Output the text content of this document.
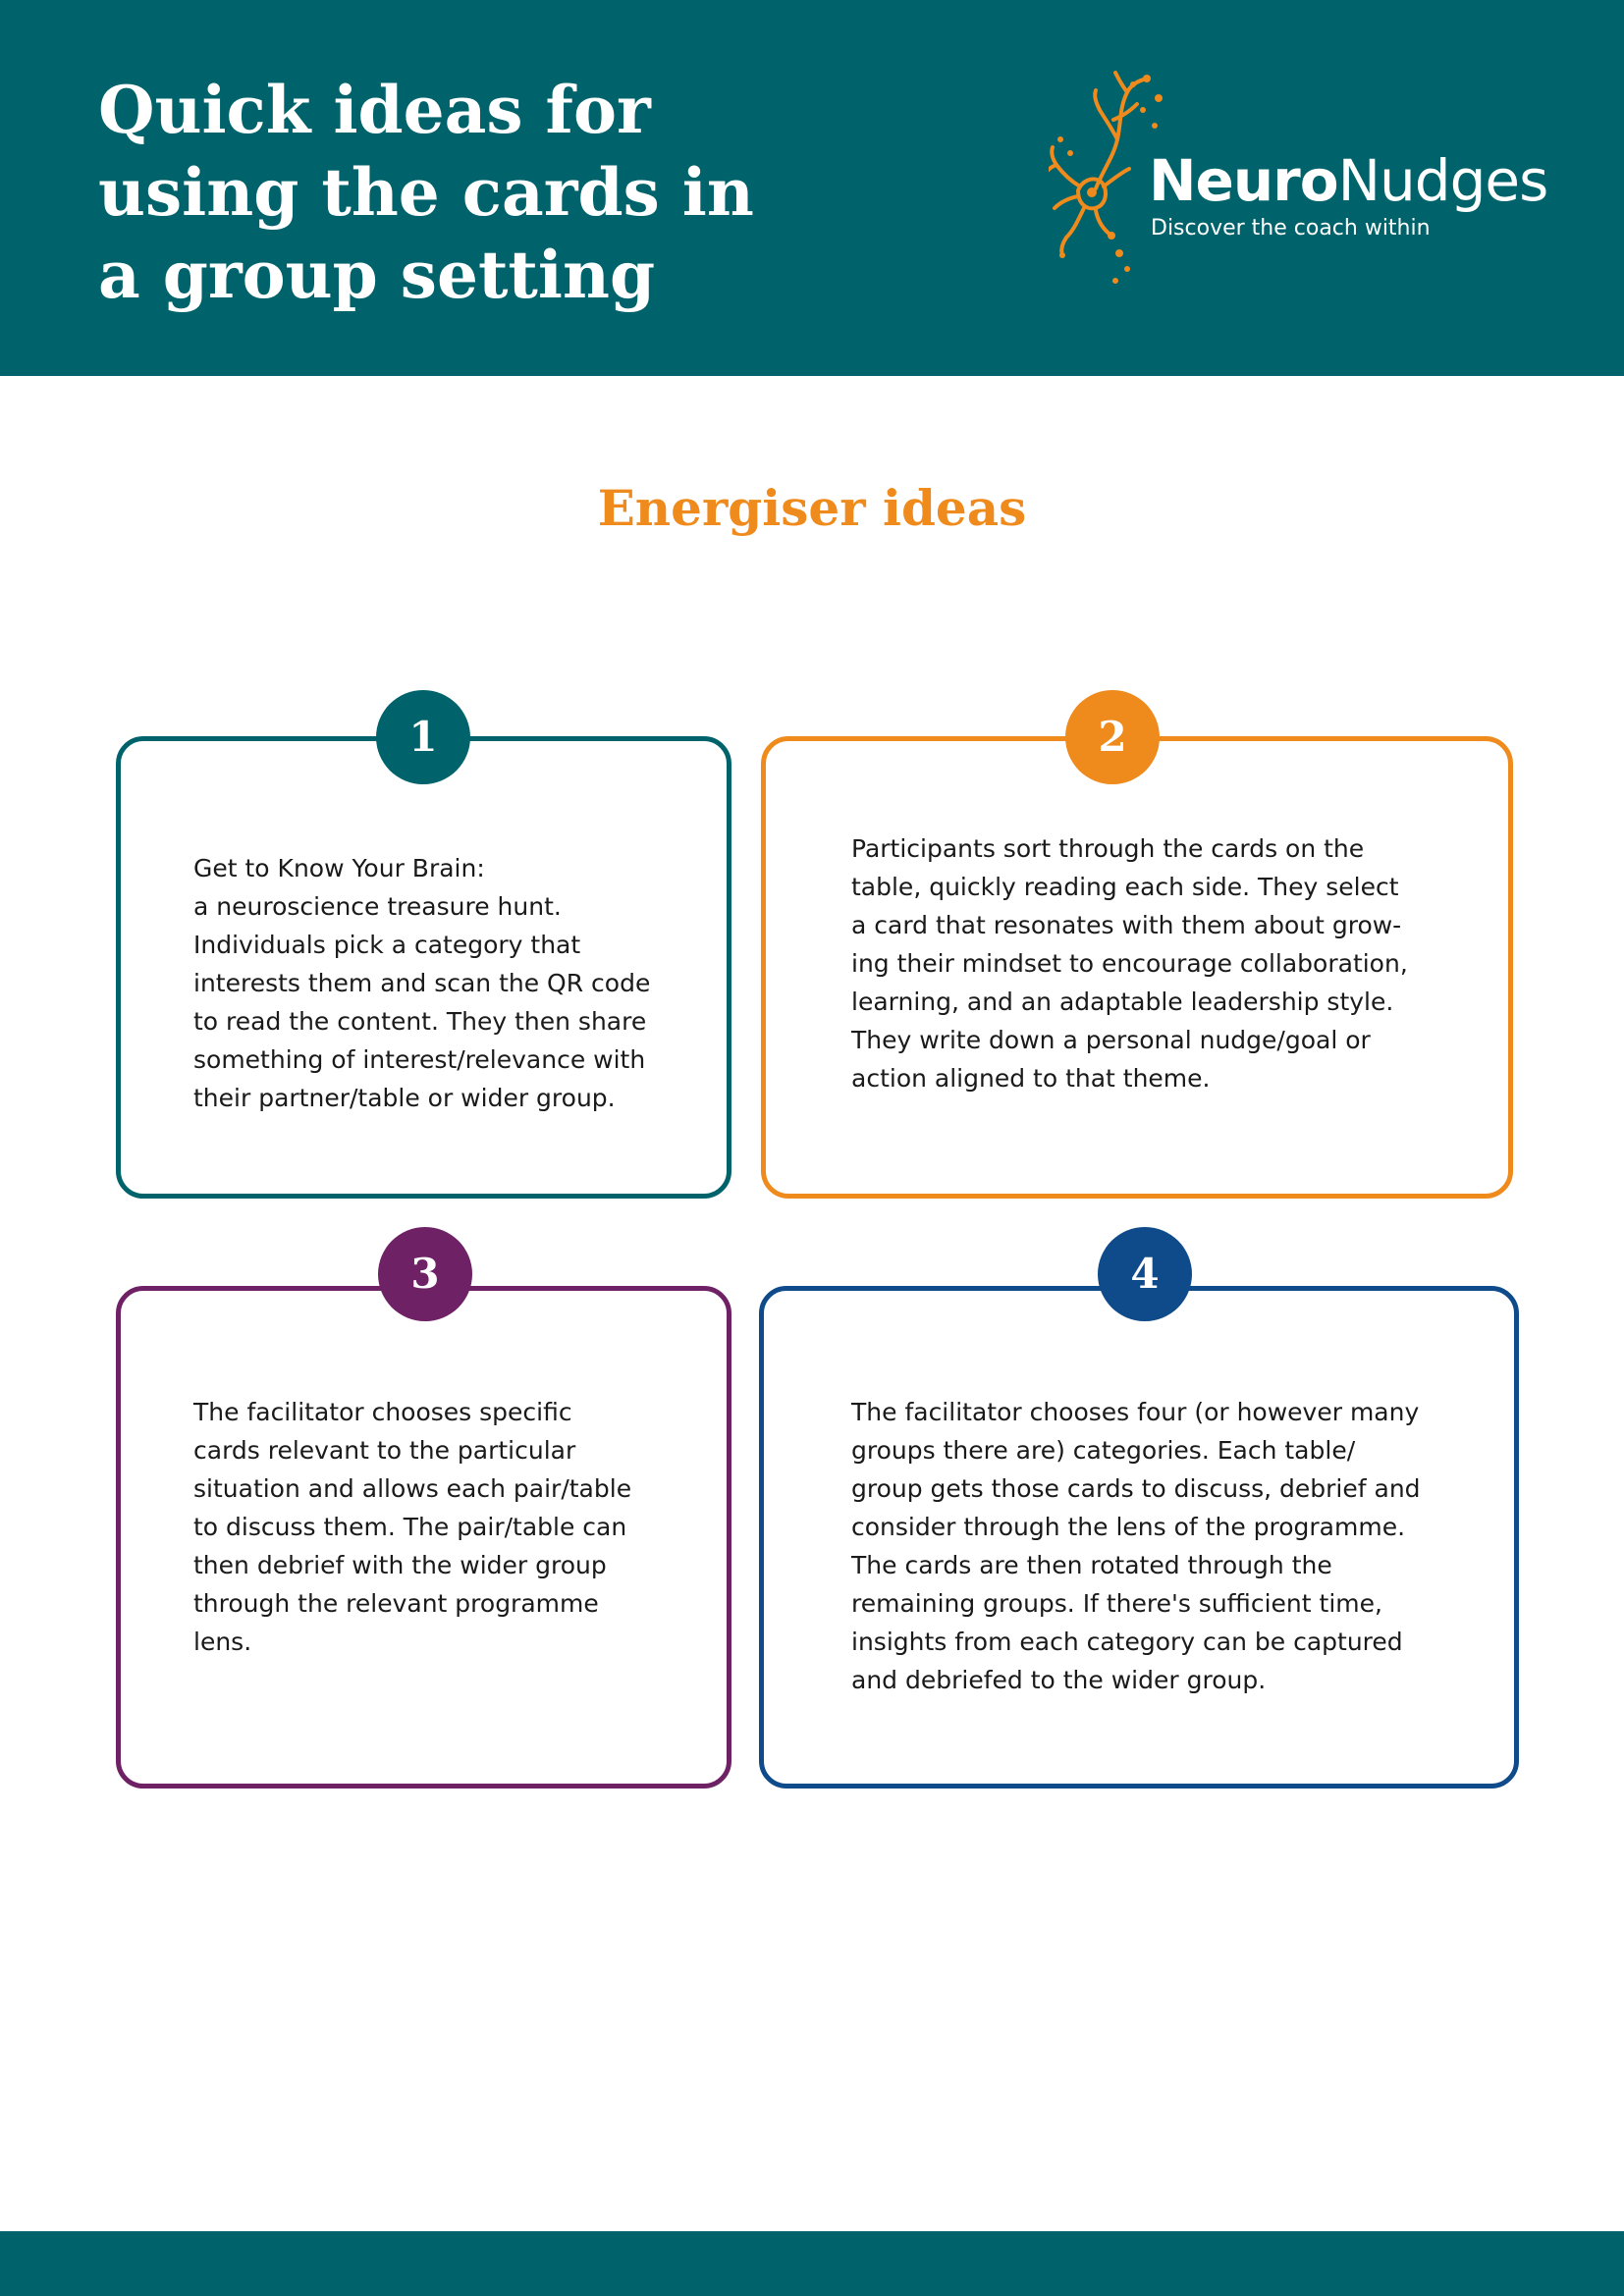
Quick ideas for
using the cards in
a group setting
NeuroNudges
Discover the coach within
Energiser ideas
1

Get to Know Your Brain:
a neuroscience treasure hunt.
Individuals pick a category that
interests them and scan the QR code
to read the content. They then share
something of interest/relevance with
their partner/table or wider group.

2

Participants sort through the cards on the
table, quickly reading each side. They select
a card that resonates with them about grow-
ing their mindset to encourage collaboration,
learning, and an adaptable leadership style.
They write down a personal nudge/goal or
action aligned to that theme.

3

The facilitator chooses specific
cards relevant to the particular
situation and allows each pair/table
to discuss them. The pair/table can
then debrief with the wider group
through the relevant programme
lens.

4

The facilitator chooses four (or however many
groups there are) categories. Each table/
group gets those cards to discuss, debrief and
consider through the lens of the programme.
The cards are then rotated through the
remaining groups. If there's sufficient time,
insights from each category can be captured
and debriefed to the wider group.
